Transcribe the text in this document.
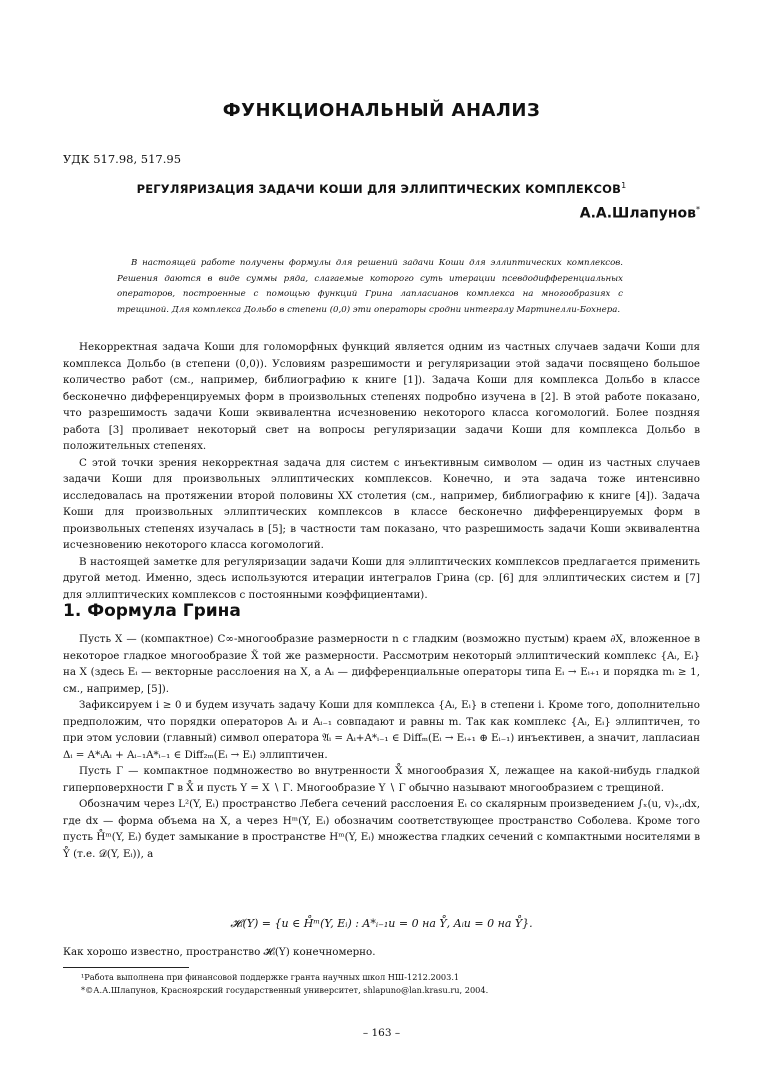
ФУНКЦИОНАЛЬНЫЙ АНАЛИЗ
УДК 517.98, 517.95
РЕГУЛЯРИЗАЦИЯ ЗАДАЧИ КОШИ ДЛЯ ЭЛЛИПТИЧЕСКИХ КОМПЛЕКСОВ$^1$
А.А.Шлапунов*
В настоящей работе получены формулы для решений задачи Коши для эллиптических комплексов. Решения даются в виде суммы ряда, слагаемые которого суть итерации псевдодифференциальных операторов, построенные с помощью функций Грина лапласианов комплекса на многообразиях с трещиной. Для комплекса Дольбо в степени (0,0) эти операторы сродни интегралу Мартинелли-Бохнера.

Некорректная задача Коши для голоморфных функций является одним из частных случаев задачи Коши для комплекса Дольбо (в степени (0,0)). Условиям разрешимости и регуляризации этой задачи посвящено большое количество работ (см., например, библиографию к книге [1]). Задача Коши для комплекса Дольбо в классе бесконечно дифференцируемых форм в произвольных степенях подробно изучена в [2]. В этой работе показано, что разрешимость задачи Коши эквивалентна исчезновению некоторого класса когомологий. Более поздняя работа [3] проливает некоторый свет на вопросы регуляризации задачи Коши для комплекса Дольбо в положительных степенях.

С этой точки зрения некорректная задача для систем с инъективным символом — один из частных случаев задачи Коши для произвольных эллиптических комплексов. Конечно, и эта задача тоже интенсивно исследовалась на протяжении второй половины XX столетия (см., например, библиографию к книге [4]). Задача Коши для произвольных эллиптических комплексов в классе бесконечно дифференцируемых форм в произвольных степенях изучалась в [5]; в частности там показано, что разрешимость задачи Коши эквивалентна исчезновению некоторого класса когомологий.

В настоящей заметке для регуляризации задачи Коши для эллиптических комплексов предлагается применить другой метод. Именно, здесь используются итерации интегралов Грина (ср. [6] для эллиптических систем и [7] для эллиптических комплексов с постоянными коэффициентами).

1. Формула Грина

Пусть X — (компактное) C∞-многообразие размерности n с гладким (возможно пустым) краем ∂X, вложенное в некоторое гладкое многообразие X̃ той же размерности. Рассмотрим некоторый эллиптический комплекс {Aᵢ, Eᵢ} на X (здесь Eᵢ — векторные расслоения на X, а Aᵢ — дифференциальные операторы типа Eᵢ → Eᵢ₊₁ и порядка mᵢ ≥ 1, см., например, [5]).

Зафиксируем i ≥ 0 и будем изучать задачу Коши для комплекса {Aᵢ, Eᵢ} в степени i. Кроме того, дополнительно предположим, что порядки операторов Aᵢ и Aᵢ₋₁ совпадают и равны m. Так как комплекс {Aᵢ, Eᵢ} эллиптичен, то при этом условии (главный) символ оператора 𝔄ᵢ = Aᵢ+A*ᵢ₋₁ ∈ Diffₘ(Eᵢ → Eᵢ₊₁ ⊕ Eᵢ₋₁) инъективен, а значит, лапласиан Δᵢ = A*ᵢAᵢ + Aᵢ₋₁A*ᵢ₋₁ ∈ Diff₂ₘ(Eᵢ → Eᵢ) эллиптичен.

Пусть Γ — компактное подмножество во внутренности X̊ многообразия X, лежащее на какой-нибудь гладкой гиперповерхности Γ̃ в X̊ и пусть Y = X ∖ Γ. Многообразие Y ∖ Γ обычно называют многообразием с трещиной.

Обозначим через L²(Y, Eᵢ) пространство Лебега сечений расслоения Eᵢ со скалярным произведением ∫ₓ(u, v)ₓ,ᵢdx, где dx — форма объема на X, а через Hᵐ(Y, Eᵢ) обозначим соответствующее пространство Соболева. Кроме того пусть H̊ᵐ(Y, Eᵢ) будет замыкание в пространстве Hᵐ(Y, Eᵢ) множества гладких сечений с компактными носителями в Y̊ (т.е. 𝒟(Y, Eᵢ)), а

𝓗ᵢ(Y) = {u ∈ H̊ᵐ(Y, Eᵢ) : A*ᵢ₋₁u = 0 на Y̊, Aᵢu = 0 на Y̊}.
Как хорошо известно, пространство 𝓗ᵢ(Y) конечномерно.
¹Работа выполнена при финансовой поддержке гранта научных школ НШ-1212.2003.1
*©А.А.Шлапунов, Красноярский государственный университет, shlapuno@lan.krasu.ru, 2004.
– 163 –
